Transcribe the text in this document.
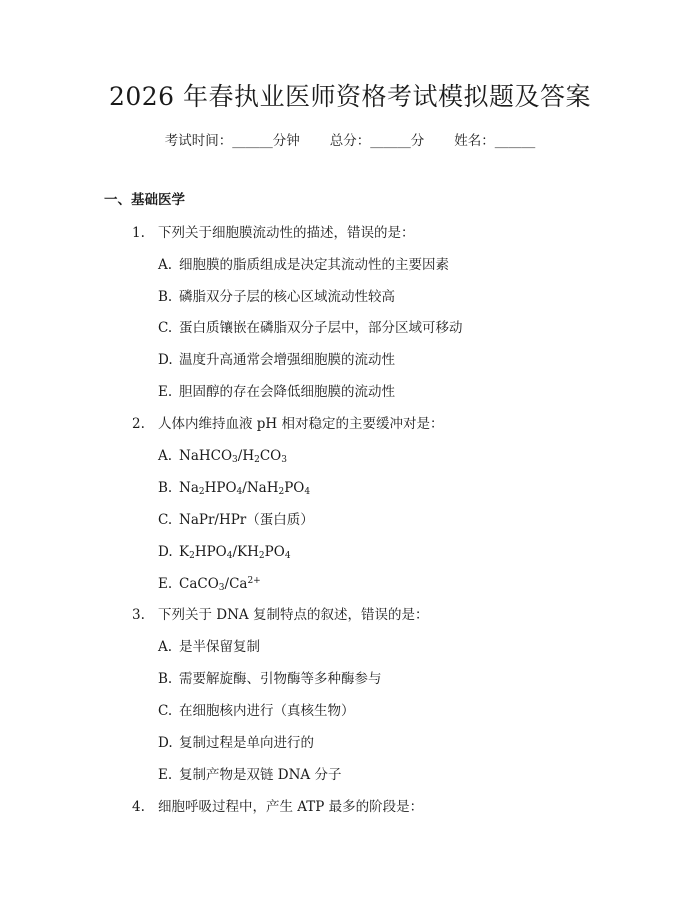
2026 年春执业医师资格考试模拟题及答案
考试时间：______分钟 总分：______分 姓名：______
一、基础医学
1. 下列关于细胞膜流动性的描述，错误的是：
A. 细胞膜的脂质组成是决定其流动性的主要因素
B. 磷脂双分子层的核心区域流动性较高
C. 蛋白质镶嵌在磷脂双分子层中，部分区域可移动
D. 温度升高通常会增强细胞膜的流动性
E. 胆固醇的存在会降低细胞膜的流动性
2. 人体内维持血液 pH 相对稳定的主要缓冲对是：
A. $NaHCO_3/H_2CO_3$
B. $Na_2HPO_4/NaH_2PO_4$
C. NaPr/HPr（蛋白质）
D. $K_2HPO_4/KH_2PO_4$
E. $CaCO_3/Ca^{2+}$
3. 下列关于 DNA 复制特点的叙述，错误的是：
A. 是半保留复制
B. 需要解旋酶、引物酶等多种酶参与
C. 在细胞核内进行（真核生物）
D. 复制过程是单向进行的
E. 复制产物是双链 DNA 分子
4. 细胞呼吸过程中，产生 ATP 最多的阶段是：
